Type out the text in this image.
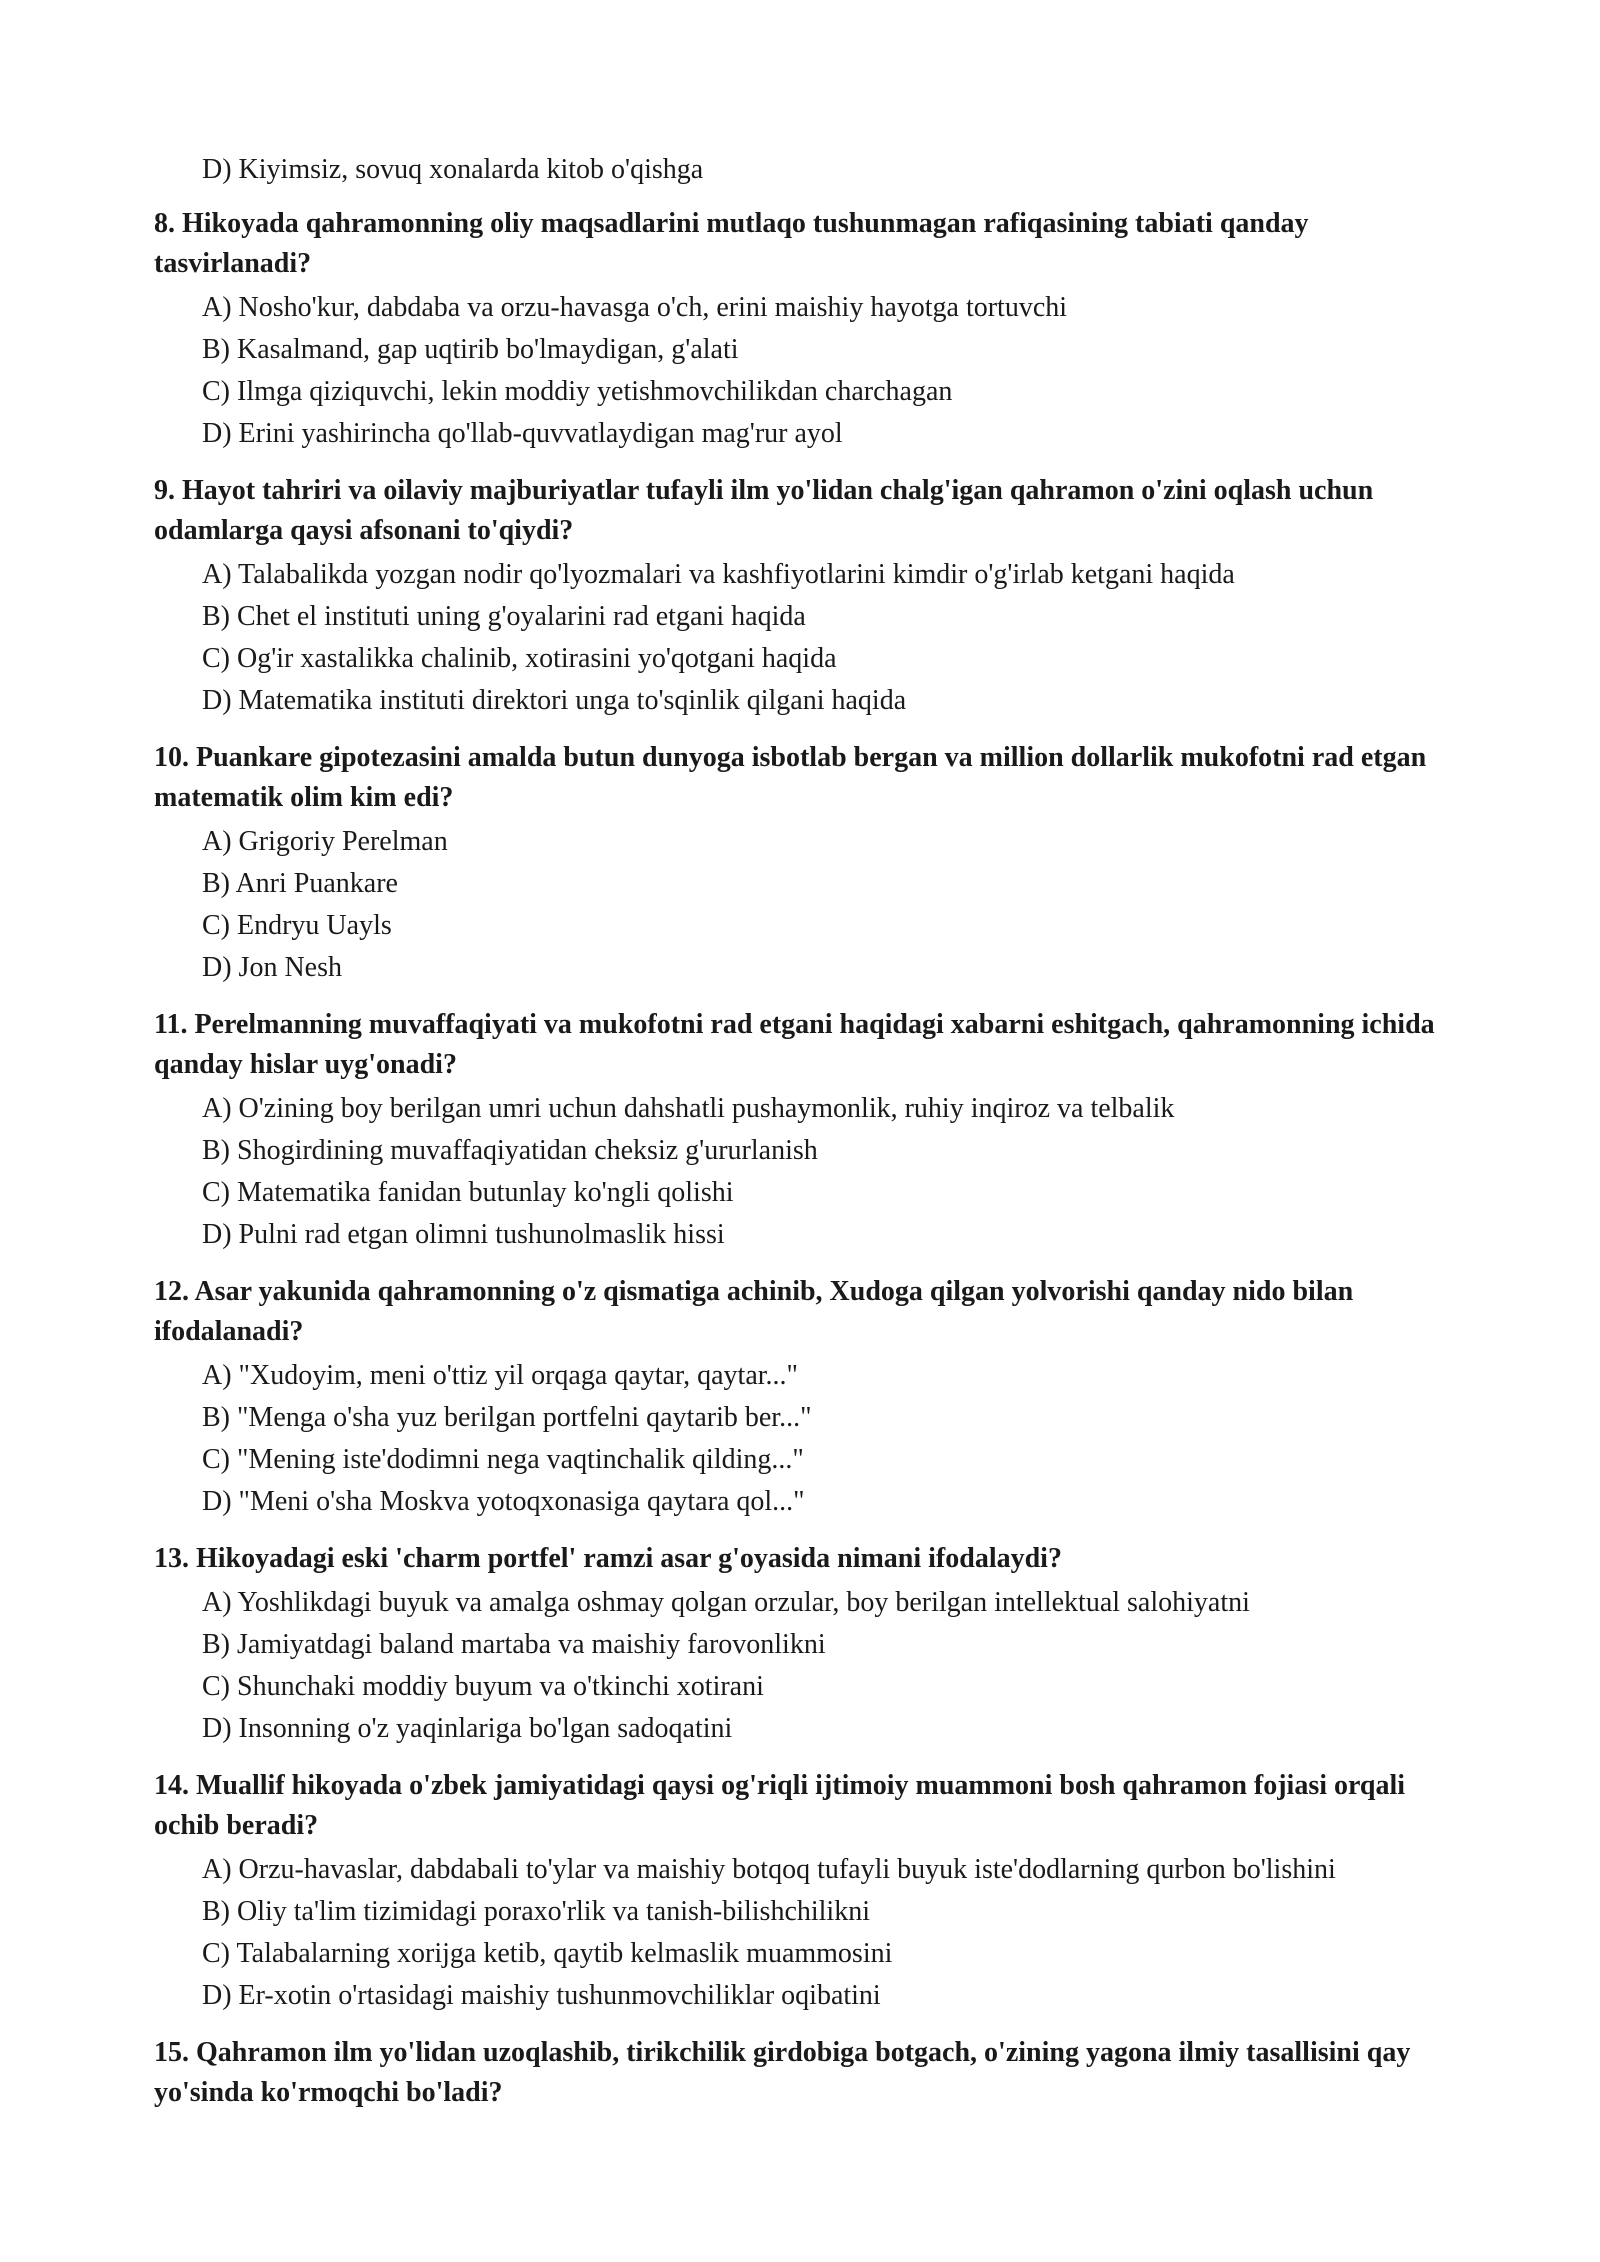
D) Kiyimsiz, sovuq xonalarda kitob o'qishga
8. Hikoyada qahramonning oliy maqsadlarini mutlaqo tushunmagan rafiqasining tabiati qanday tasvirlanadi?
A) Nosho'kur, dabdaba va orzu-havasga o'ch, erini maishiy hayotga tortuvchi
B) Kasalmand, gap uqtirib bo'lmaydigan, g'alati
C) Ilmga qiziquvchi, lekin moddiy yetishmovchilikdan charchagan
D) Erini yashirincha qo'llab-quvvatlaydigan mag'rur ayol
9. Hayot tahriri va oilaviy majburiyatlar tufayli ilm yo'lidan chalg'igan qahramon o'zini oqlash uchun odamlarga qaysi afsonani to'qiydi?
A) Talabalikda yozgan nodir qo'lyozmalari va kashfiyotlarini kimdir o'g'irlab ketgani haqida
B) Chet el instituti uning g'oyalarini rad etgani haqida
C) Og'ir xastalikka chalinib, xotirasini yo'qotgani haqida
D) Matematika instituti direktori unga to'sqinlik qilgani haqida
10. Puankare gipotezasini amalda butun dunyoga isbotlab bergan va million dollarlik mukofotni rad etgan matematik olim kim edi?
A) Grigoriy Perelman
B) Anri Puankare
C) Endryu Uayls
D) Jon Nesh
11. Perelmanning muvaffaqiyati va mukofotni rad etgani haqidagi xabarni eshitgach, qahramonning ichida qanday hislar uyg'onadi?
A) O'zining boy berilgan umri uchun dahshatli pushaymonlik, ruhiy inqiroz va telbalik
B) Shogirdining muvaffaqiyatidan cheksiz g'ururlanish
C) Matematika fanidan butunlay ko'ngli qolishi
D) Pulni rad etgan olimni tushunolmaslik hissi
12. Asar yakunida qahramonning o'z qismatiga achinib, Xudoga qilgan yolvorishi qanday nido bilan ifodalanadi?
A) "Xudoyim, meni o'ttiz yil orqaga qaytar, qaytar..."
B) "Menga o'sha yuz berilgan portfelni qaytarib ber..."
C) "Mening iste'dodimni nega vaqtinchalik qilding..."
D) "Meni o'sha Moskva yotoqxonasiga qaytara qol..."
13. Hikoyadagi eski 'charm portfel' ramzi asar g'oyasida nimani ifodalaydi?
A) Yoshlikdagi buyuk va amalga oshmay qolgan orzular, boy berilgan intellektual salohiyatni
B) Jamiyatdagi baland martaba va maishiy farovonlikni
C) Shunchaki moddiy buyum va o'tkinchi xotirani
D) Insonning o'z yaqinlariga bo'lgan sadoqatini
14. Muallif hikoyada o'zbek jamiyatidagi qaysi og'riqli ijtimoiy muammoni bosh qahramon fojiasi orqali ochib beradi?
A) Orzu-havaslar, dabdabali to'ylar va maishiy botqoq tufayli buyuk iste'dodlarning qurbon bo'lishini
B) Oliy ta'lim tizimidagi poraxo'rlik va tanish-bilishchilikni
C) Talabalarning xorijga ketib, qaytib kelmaslik muammosini
D) Er-xotin o'rtasidagi maishiy tushunmovchiliklar oqibatini
15. Qahramon ilm yo'lidan uzoqlashib, tirikchilik girdobiga botgach, o'zining yagona ilmiy tasallisini qay yo'sinda ko'rmoqchi bo'ladi?
